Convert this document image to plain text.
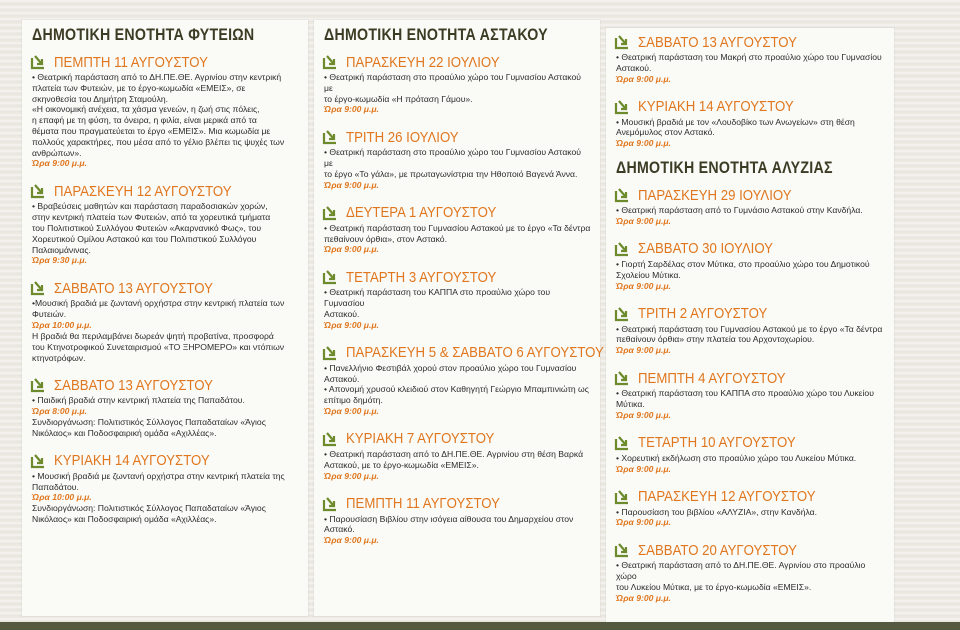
ΔΗΜΟΤΙΚΗ ΕΝΟΤΗΤΑ ΦΥΤΕΙΩΝ
ΠΕΜΠΤΗ 11 ΑΥΓΟΥΣΤΟΥ
• Θεατρική παράσταση από το ΔΗ.ΠΕ.ΘΕ. Αγρινίου στην κεντρική
πλατεία των Φυτειών, με το έργο-κωμωδία «ΕΜΕΙΣ», σε
σκηνοθεσία του Δημήτρη Σταμούλη.
«Η οικονομική ανέχεια, τα χάσμα γενεών, η ζωή στις πόλεις,
η επαφή με τη φύση, τα όνειρα, η φιλία, είναι μερικά από τα
θέματα που πραγματεύεται το έργο «ΕΜΕΙΣ». Μια κωμωδία με
πολλούς χαρακτήρες, που μέσα από το γέλιο βλέπει τις ψυχές των
ανθρώπων».
Ώρα 9:00 μ.μ.
ΠΑΡΑΣΚΕΥΗ 12 ΑΥΓΟΥΣΤΟΥ
• Βραβεύσεις μαθητών και παράσταση παραδοσιακών χορών,
στην κεντρική πλατεία των Φυτειών, από τα χορευτικά τμήματα
του Πολιτιστικού Συλλόγου Φυτειών «Ακαρνανικό Φως», του
Χορευτικού Ομίλου Αστακού και του Πολιτιστικού Συλλόγου
Παλαιομάνινας.
Ώρα 9:30 μ.μ.
ΣΑΒΒΑΤΟ 13 ΑΥΓΟΥΣΤΟΥ
•Μουσική βραδιά με ζωντανή ορχήστρα στην κεντρική πλατεία των
Φυτειών.
Ώρα 10:00 μ.μ.
Η βραδιά θα περιλαμβάνει δωρεάν ψητή προβατίνα, προσφορά
του Κτηνοτροφικού Συνεταιρισμού «ΤΟ ΞΗΡΟΜΕΡΟ» και ντόπιων
κτηνοτρόφων.
ΣΑΒΒΑΤΟ 13 ΑΥΓΟΥΣΤΟΥ
• Παιδική βραδιά στην κεντρική πλατεία της Παπαδάτου.
Ώρα 8:00 μ.μ.
Συνδιοργάνωση: Πολιτιστικός Σύλλογος Παπαδαταίων «Άγιος
Νικόλαος» και Ποδοσφαιρική ομάδα «Αχιλλέας».
ΚΥΡΙΑΚΗ 14 ΑΥΓΟΥΣΤΟΥ
• Μουσική βραδιά με ζωντανή ορχήστρα στην κεντρική πλατεία της
Παπαδάτου.
Ώρα 10:00 μ.μ.
Συνδιοργάνωση: Πολιτιστικός Σύλλογος Παπαδαταίων «Άγιος
Νικόλαος» και Ποδοσφαιρική ομάδα «Αχιλλέας».
ΔΗΜΟΤΙΚΗ ΕΝΟΤΗΤΑ ΑΣΤΑΚΟΥ
ΠΑΡΑΣΚΕΥΗ 22 ΙΟΥΛΙΟΥ
• Θεατρική παράσταση στο προαύλιο χώρο του Γυμνασίου Αστακού με
το έργο-κωμωδία «Η πρόταση Γάμου».
Ώρα 9:00 μ.μ.
ΤΡΙΤΗ 26 ΙΟΥΛΙΟΥ
• Θεατρική παράσταση στο προαύλιο χώρο του Γυμνασίου Αστακού με
το έργο «Το γάλα», με πρωταγωνίστρια την Ηθοποιό Βαγενά Άννα.
Ώρα 9:00 μ.μ.
ΔΕΥΤΕΡΑ 1 ΑΥΓΟΥΣΤΟΥ
• Θεατρική παράσταση του Γυμνασίου Αστακού με το έργο «Τα δέντρα
πεθαίνουν όρθια», στον Αστακό.
Ώρα 9:00 μ.μ.
ΤΕΤΑΡΤΗ 3 ΑΥΓΟΥΣΤΟΥ
• Θεατρική παράσταση του ΚΑΠΠΑ στο προαύλιο χώρο του Γυμνασίου
Αστακού.
Ώρα 9:00 μ.μ.
ΠΑΡΑΣΚΕΥΗ 5 & ΣΑΒΒΑΤΟ 6 ΑΥΓΟΥΣΤΟΥ
• Πανελλήνιο Φεστιβάλ χορού στον προαύλιο χώρο του Γυμνασίου
Αστακού.
• Απονομή χρυσού κλειδιού στον Καθηγητή Γεώργιο Μπαμπινιώτη ως
επίτιμο δημότη.
Ώρα 9:00 μ.μ.
ΚΥΡΙΑΚΗ 7 ΑΥΓΟΥΣΤΟΥ
• Θεατρική παράσταση από το ΔΗ.ΠΕ.ΘΕ. Αγρινίου στη θέση Βαρκά
Αστακού, με το έργο-κωμωδία «ΕΜΕΙΣ».
Ώρα 9:00 μ.μ.
ΠΕΜΠΤΗ 11 ΑΥΓΟΥΣΤΟΥ
• Παρουσίαση Βιβλίου στην ισόγεια αίθουσα του Δημαρχείου στον
Αστακό.
Ώρα 9:00 μ.μ.
ΣΑΒΒΑΤΟ 13 ΑΥΓΟΥΣΤΟΥ
• Θεατρική παράσταση του Μακρή στο προαύλιο χώρο του Γυμνασίου
Αστακού.
Ώρα 9:00 μ.μ.
ΚΥΡΙΑΚΗ 14 ΑΥΓΟΥΣΤΟΥ
• Μουσική βραδιά με τον «Λουδοβίκο των Ανωγείων» στη θέση
Ανεμόμυλος στον Αστακό.
Ώρα 9:00 μ.μ.
ΔΗΜΟΤΙΚΗ ΕΝΟΤΗΤΑ ΑΛΥΖΙΑΣ
ΠΑΡΑΣΚΕΥΗ 29 ΙΟΥΛΙΟΥ
• Θεατρική παράσταση από το Γυμνάσιο Αστακού στην Κανδήλα.
Ώρα 9:00 μ.μ.
ΣΑΒΒΑΤΟ 30 ΙΟΥΛΙΟΥ
• Γιορτή Σαρδέλας στον Μύτικα, στο προαύλιο χώρο του Δημοτικού
Σχολείου Μύτικα.
Ώρα 9:00 μ.μ.
ΤΡΙΤΗ 2 ΑΥΓΟΥΣΤΟΥ
• Θεατρική παράσταση του Γυμνασίου Αστακού με το έργο «Τα δέντρα
πεθαίνουν όρθια» στην πλατεία του Αρχοντοχωρίου.
Ώρα 9:00 μ.μ.
ΠΕΜΠΤΗ 4 ΑΥΓΟΥΣΤΟΥ
• Θεατρική παράσταση του ΚΑΠΠΑ στο προαύλιο χώρο του Λυκείου
Μύτικα.
Ώρα 9:00 μ.μ.
ΤΕΤΑΡΤΗ 10 ΑΥΓΟΥΣΤΟΥ
• Χορευτική εκδήλωση στο προαύλιο χώρο του Λυκείου Μύτικα.
Ώρα 9:00 μ.μ.
ΠΑΡΑΣΚΕΥΗ 12 ΑΥΓΟΥΣΤΟΥ
• Παρουσίαση του βιβλίου «ΑΛΥΖΙΑ», στην Κανδήλα.
Ώρα 9:00 μ.μ.
ΣΑΒΒΑΤΟ 20 ΑΥΓΟΥΣΤΟΥ
• Θεατρική παράσταση από το ΔΗ.ΠΕ.ΘΕ. Αγρινίου στο προαύλιο χώρο
του Λυκείου Μύτικα, με το έργο-κωμωδία «ΕΜΕΙΣ».
Ώρα 9:00 μ.μ.
